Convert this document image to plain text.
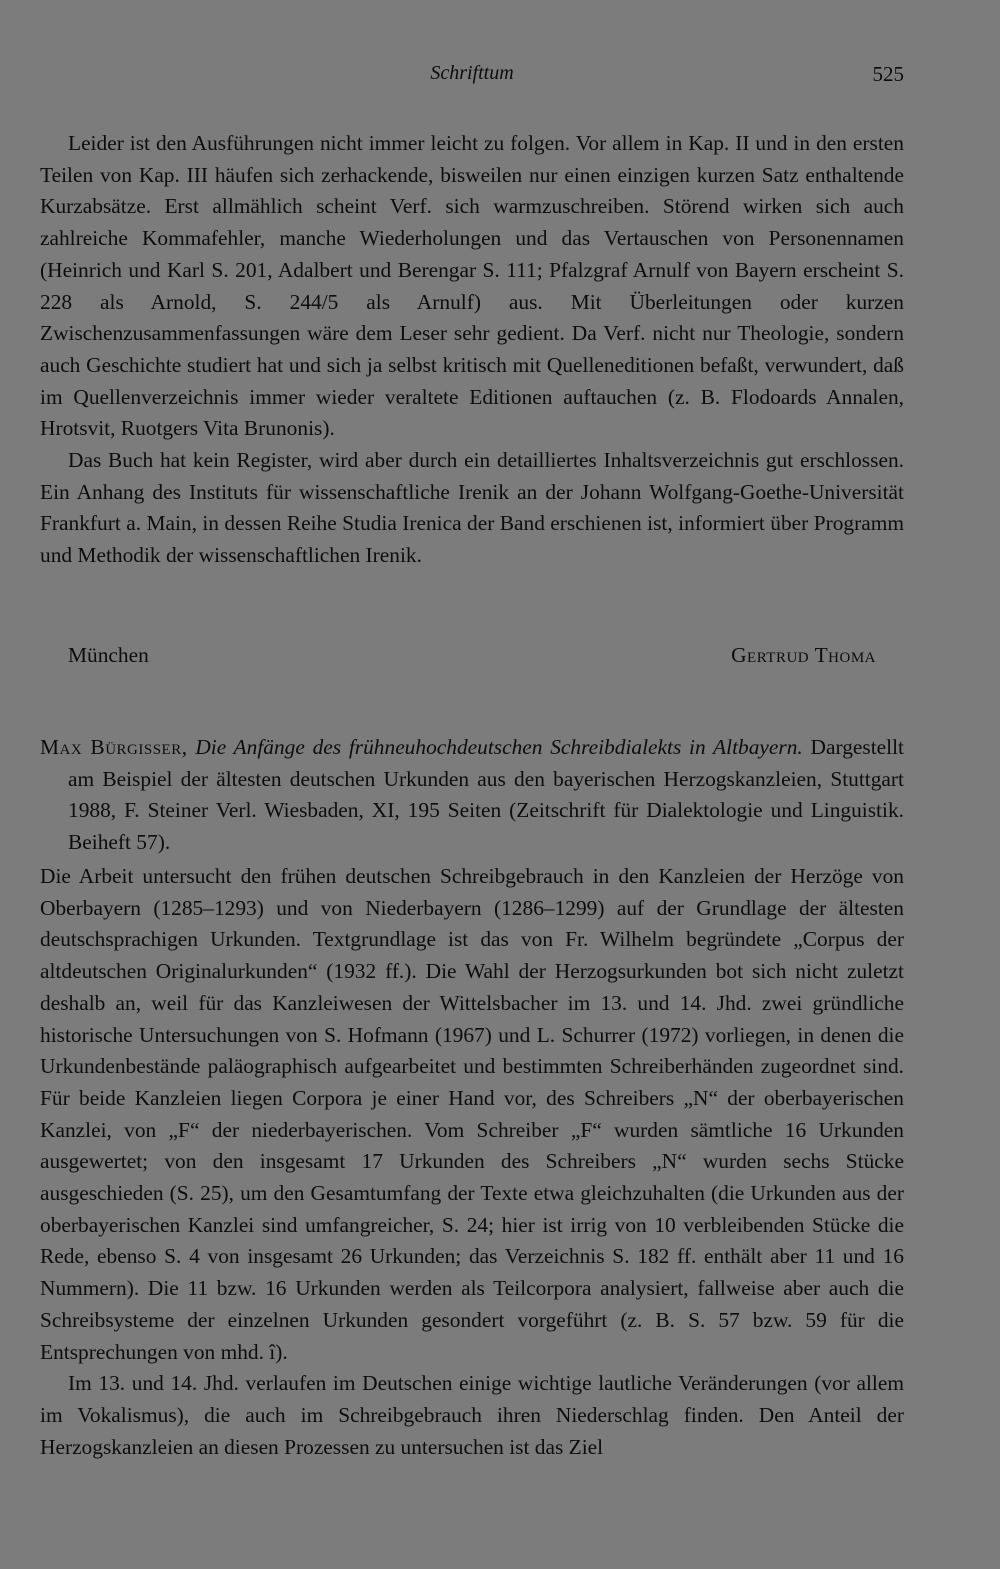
Schrifttum	525

Leider ist den Ausführungen nicht immer leicht zu folgen. Vor allem in Kap. II und in den ersten Teilen von Kap. III häufen sich zerhackende, bisweilen nur einen einzigen kurzen Satz enthaltende Kurzabsätze. Erst allmählich scheint Verf. sich warmzuschreiben. Störend wirken sich auch zahlreiche Kommafehler, manche Wiederholungen und das Vertauschen von Personennamen (Heinrich und Karl S. 201, Adalbert und Berengar S. 111; Pfalzgraf Arnulf von Bayern erscheint S. 228 als Arnold, S. 244/5 als Arnulf) aus. Mit Überleitungen oder kurzen Zwischenzusammenfassungen wäre dem Leser sehr gedient. Da Verf. nicht nur Theologie, sondern auch Geschichte studiert hat und sich ja selbst kritisch mit Quelleneditionen befaßt, verwundert, daß im Quellenverzeichnis immer wieder veraltete Editionen auftauchen (z. B. Flodoards Annalen, Hrotsvit, Ruotgers Vita Brunonis).

Das Buch hat kein Register, wird aber durch ein detailliertes Inhaltsverzeichnis gut erschlossen. Ein Anhang des Instituts für wissenschaftliche Irenik an der Johann Wolfgang-Goethe-Universität Frankfurt a. Main, in dessen Reihe Studia Irenica der Band erschienen ist, informiert über Programm und Methodik der wissenschaftlichen Irenik.

München	Gertrud Thoma
Max Bürgisser, Die Anfänge des frühneuhochdeutschen Schreibdialekts in Altbayern. Dargestellt am Beispiel der ältesten deutschen Urkunden aus den bayerischen Herzogskanzleien, Stuttgart 1988, F. Steiner Verl. Wiesbaden, XI, 195 Seiten (Zeitschrift für Dialektologie und Linguistik. Beiheft 57).

Die Arbeit untersucht den frühen deutschen Schreibgebrauch in den Kanzleien der Herzöge von Oberbayern (1285–1293) und von Niederbayern (1286–1299) auf der Grundlage der ältesten deutschsprachigen Urkunden. Textgrundlage ist das von Fr. Wilhelm begründete „Corpus der altdeutschen Originalurkunden“ (1932 ff.). Die Wahl der Herzogsurkunden bot sich nicht zuletzt deshalb an, weil für das Kanzleiwesen der Wittelsbacher im 13. und 14. Jhd. zwei gründliche historische Untersuchungen von S. Hofmann (1967) und L. Schurrer (1972) vorliegen, in denen die Urkundenbestände paläographisch aufgearbeitet und bestimmten Schreiberhänden zugeordnet sind. Für beide Kanzleien liegen Corpora je einer Hand vor, des Schreibers „N“ der oberbayerischen Kanzlei, von „F“ der niederbayerischen. Vom Schreiber „F“ wurden sämtliche 16 Urkunden ausgewertet; von den insgesamt 17 Urkunden des Schreibers „N“ wurden sechs Stücke ausgeschieden (S. 25), um den Gesamtumfang der Texte etwa gleichzuhalten (die Urkunden aus der oberbayerischen Kanzlei sind umfangreicher, S. 24; hier ist irrig von 10 verbleibenden Stücke die Rede, ebenso S. 4 von insgesamt 26 Urkunden; das Verzeichnis S. 182 ff. enthält aber 11 und 16 Nummern). Die 11 bzw. 16 Urkunden werden als Teilcorpora analysiert, fallweise aber auch die Schreibsysteme der einzelnen Urkunden gesondert vorgeführt (z. B. S. 57 bzw. 59 für die Entsprechungen von mhd. î).

Im 13. und 14. Jhd. verlaufen im Deutschen einige wichtige lautliche Veränderungen (vor allem im Vokalismus), die auch im Schreibgebrauch ihren Niederschlag finden. Den Anteil der Herzogskanzleien an diesen Prozessen zu untersuchen ist das Ziel
